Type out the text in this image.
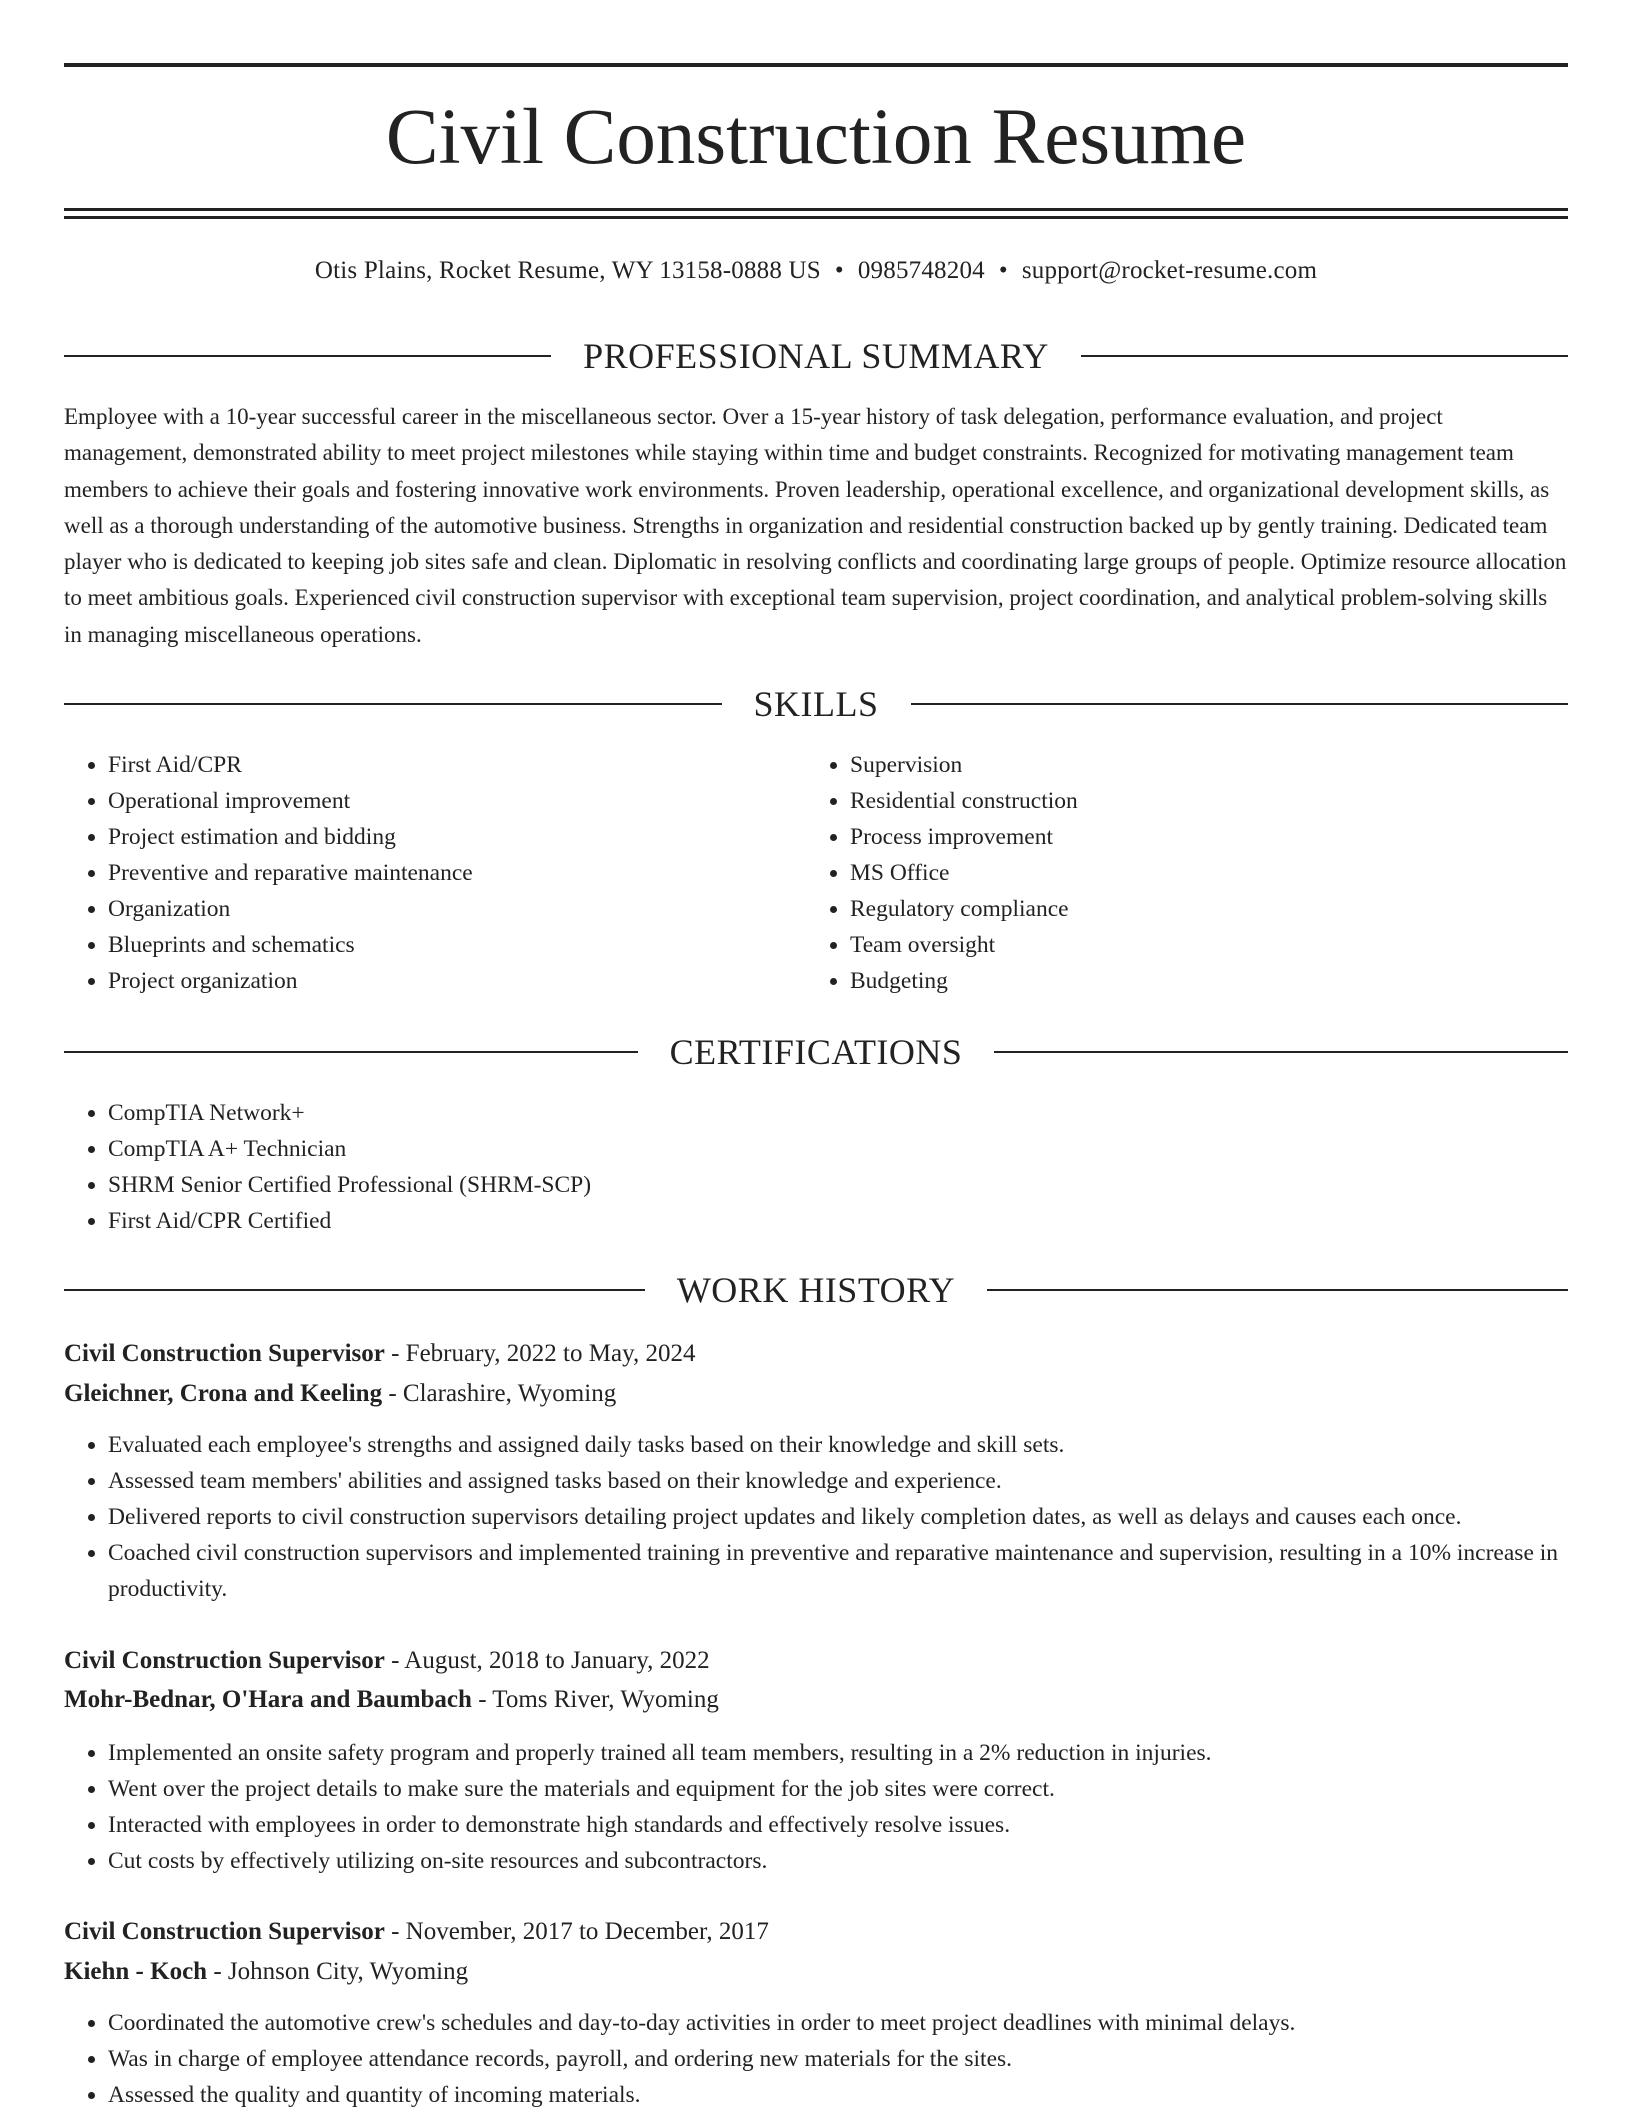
Civil Construction Resume
Otis Plains, Rocket Resume, WY 13158-0888 US • 0985748204 • support@rocket-resume.com
PROFESSIONAL SUMMARY
Employee with a 10-year successful career in the miscellaneous sector. Over a 15-year history of task delegation, performance evaluation, and project management, demonstrated ability to meet project milestones while staying within time and budget constraints. Recognized for motivating management team members to achieve their goals and fostering innovative work environments. Proven leadership, operational excellence, and organizational development skills, as well as a thorough understanding of the automotive business. Strengths in organization and residential construction backed up by gently training. Dedicated team player who is dedicated to keeping job sites safe and clean. Diplomatic in resolving conflicts and coordinating large groups of people. Optimize resource allocation to meet ambitious goals. Experienced civil construction supervisor with exceptional team supervision, project coordination, and analytical problem-solving skills in managing miscellaneous operations.
SKILLS
• First Aid/CPR
• Operational improvement
• Project estimation and bidding
• Preventive and reparative maintenance
• Organization
• Blueprints and schematics
• Project organization
• Supervision
• Residential construction
• Process improvement
• MS Office
• Regulatory compliance
• Team oversight
• Budgeting
CERTIFICATIONS
• CompTIA Network+
• CompTIA A+ Technician
• SHRM Senior Certified Professional (SHRM-SCP)
• First Aid/CPR Certified
WORK HISTORY
Civil Construction Supervisor - February, 2022 to May, 2024
Gleichner, Crona and Keeling - Clarashire, Wyoming
• Evaluated each employee's strengths and assigned daily tasks based on their knowledge and skill sets.
• Assessed team members' abilities and assigned tasks based on their knowledge and experience.
• Delivered reports to civil construction supervisors detailing project updates and likely completion dates, as well as delays and causes each once.
• Coached civil construction supervisors and implemented training in preventive and reparative maintenance and supervision, resulting in a 10% increase in productivity.
Civil Construction Supervisor - August, 2018 to January, 2022
Mohr-Bednar, O'Hara and Baumbach - Toms River, Wyoming
• Implemented an onsite safety program and properly trained all team members, resulting in a 2% reduction in injuries.
• Went over the project details to make sure the materials and equipment for the job sites were correct.
• Interacted with employees in order to demonstrate high standards and effectively resolve issues.
• Cut costs by effectively utilizing on-site resources and subcontractors.
Civil Construction Supervisor - November, 2017 to December, 2017
Kiehn - Koch - Johnson City, Wyoming
• Coordinated the automotive crew's schedules and day-to-day activities in order to meet project deadlines with minimal delays.
• Was in charge of employee attendance records, payroll, and ordering new materials for the sites.
• Assessed the quality and quantity of incoming materials.
